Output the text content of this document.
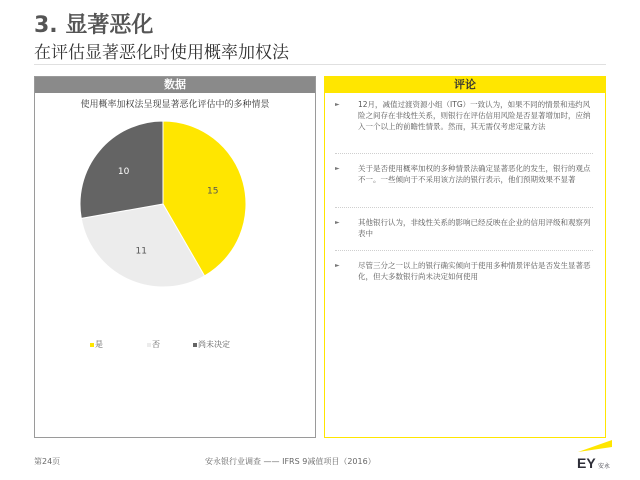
3. 显著恶化
在评估显著恶化时使用概率加权法
数据
使用概率加权法呈现显著恶化评估中的多种情景
15
11
10
是	否	尚未决定
评论
►	12月，减值过渡资源小组（ITG）一致认为，如果不同的情景和违约风险之间存在非线性关系，则银行在评估信用风险是否显著增加时，应纳入一个以上的前瞻性情景。然而，其无需仅考虑定量方法
►	关于是否使用概率加权的多种情景法确定显著恶化的发生，银行的观点不一。一些倾向于不采用该方法的银行表示，他们预期效果不显著
►	其他银行认为，非线性关系的影响已经反映在企业的信用评级和观察列表中
►	尽管三分之一以上的银行确实倾向于使用多种情景评估是否发生显著恶化，但大多数银行尚未决定如何使用
第24页	安永银行业调查 —— IFRS 9减值项目（2016）	EY 安永
